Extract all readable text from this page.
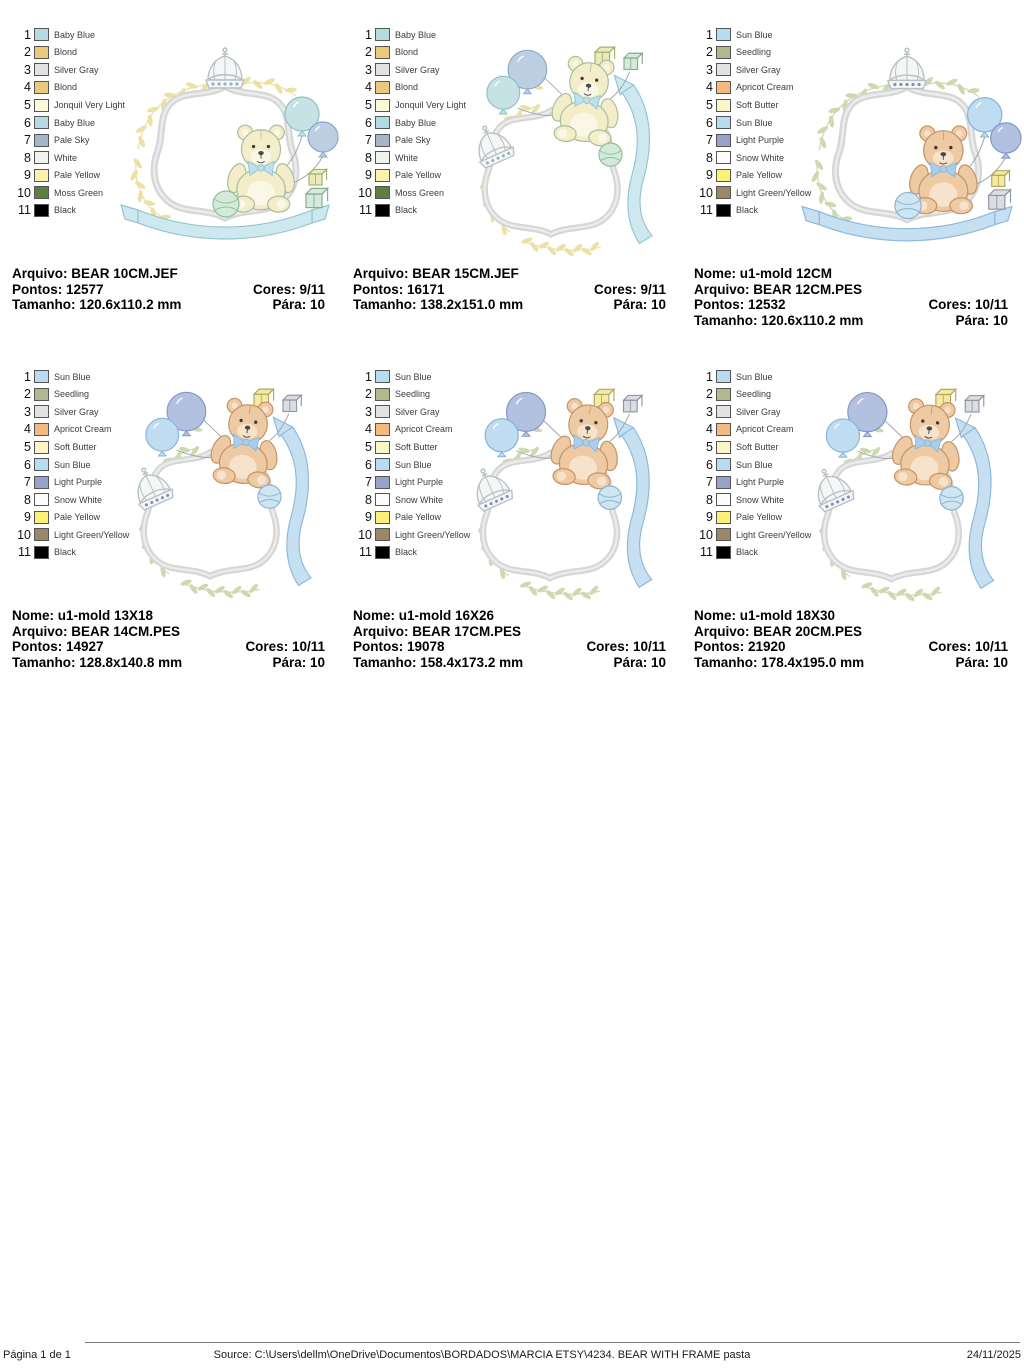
1	Baby Blue
2	Blond
3	Silver Gray
4	Blond
5	Jonquil Very Light
6	Baby Blue
7	Pale Sky
8	White
9	Pale Yellow
10	Moss Green
11	Black
Arquivo: BEAR 10CM.JEF
Pontos: 12577	Cores: 9/11
Tamanho: 120.6x110.2 mm	Pára: 10
1	Baby Blue
2	Blond
3	Silver Gray
4	Blond
5	Jonquil Very Light
6	Baby Blue
7	Pale Sky
8	White
9	Pale Yellow
10	Moss Green
11	Black
Arquivo: BEAR 15CM.JEF
Pontos: 16171	Cores: 9/11
Tamanho: 138.2x151.0 mm	Pára: 10
1	Sun Blue
2	Seedling
3	Silver Gray
4	Apricot Cream
5	Soft Butter
6	Sun Blue
7	Light Purple
8	Snow White
9	Pale Yellow
10	Light Green/Yellow
11	Black
Nome: u1-mold 12CM
Arquivo: BEAR 12CM.PES
Pontos: 12532	Cores: 10/11
Tamanho: 120.6x110.2 mm	Pára: 10
1	Sun Blue
2	Seedling
3	Silver Gray
4	Apricot Cream
5	Soft Butter
6	Sun Blue
7	Light Purple
8	Snow White
9	Pale Yellow
10	Light Green/Yellow
11	Black
Nome: u1-mold 13X18
Arquivo: BEAR 14CM.PES
Pontos: 14927	Cores: 10/11
Tamanho: 128.8x140.8 mm	Pára: 10
1	Sun Blue
2	Seedling
3	Silver Gray
4	Apricot Cream
5	Soft Butter
6	Sun Blue
7	Light Purple
8	Snow White
9	Pale Yellow
10	Light Green/Yellow
11	Black
Nome: u1-mold 16X26
Arquivo: BEAR 17CM.PES
Pontos: 19078	Cores: 10/11
Tamanho: 158.4x173.2 mm	Pára: 10
1	Sun Blue
2	Seedling
3	Silver Gray
4	Apricot Cream
5	Soft Butter
6	Sun Blue
7	Light Purple
8	Snow White
9	Pale Yellow
10	Light Green/Yellow
11	Black
Nome: u1-mold 18X30
Arquivo: BEAR 20CM.PES
Pontos: 21920	Cores: 10/11
Tamanho: 178.4x195.0 mm	Pára: 10
Página 1 de 1	Source: C:\Users\dellm\OneDrive\Documentos\BORDADOS\MARCIA ETSY\4234. BEAR WITH FRAME pasta	24/11/2025
